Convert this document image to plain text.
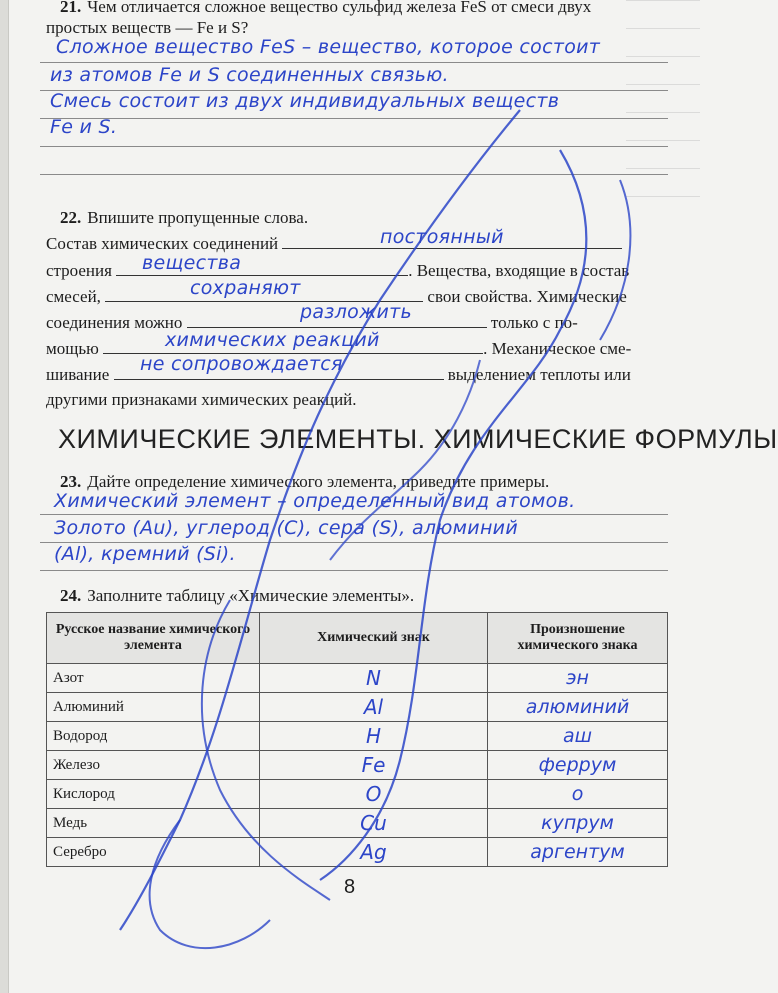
21. Чем отличается сложное вещество сульфид железа FeS от смеси двух
простых веществ — Fe и S?
Сложное вещество FeS – вещество, которое состоит
из атомов Fe и S соединенных связью.
Смесь состоит из двух индивидуальных веществ
Fe и S.
22. Впишите пропущенные слова.
Состав химических соединений	постоянный
строения	. Вещества, входящие в состав
вещества
смесей,	свои свойства. Химические
сохраняют
соединения можно	только с по-
разложить
мощью	. Механическое сме-
химических реакций
шивание	выделением теплоты или
не сопровождается
другими признаками химических реакций.
ХИМИЧЕСКИЕ ЭЛЕМЕНТЫ. ХИМИЧЕСКИЕ ФОРМУЛЫ
23. Дайте определение химического элемента, приведите примеры.
Химический элемент – определенный вид атомов.
Золото (Au), углерод (C), сера (S), алюминий
(Al), кремний (Si).
24. Заполните таблицу «Химические элементы».
Русское название химического элемента	Химический знак	Произношение химического знака
Азот	N	эн
Алюминий	Al	алюминий
Водород	H	аш
Железо	Fe	феррум
Кислород	O	о
Медь	Cu	купрум
Серебро	Ag	аргентум
8
